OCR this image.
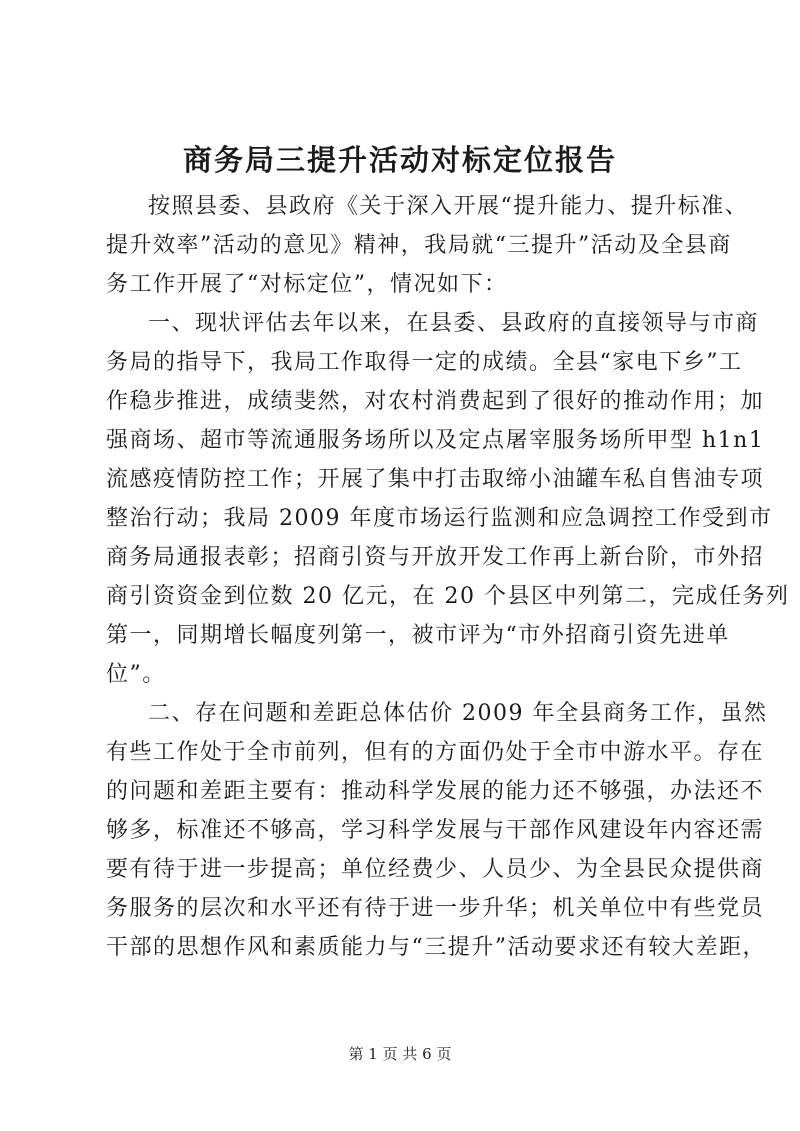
商务局三提升活动对标定位报告
按照县委、县政府《关于深入开展“提升能力、提升标准、
提升效率”活动的意见》精神，我局就“三提升”活动及全县商
务工作开展了“对标定位”，情况如下：
一、现状评估去年以来，在县委、县政府的直接领导与市商
务局的指导下，我局工作取得一定的成绩。全县“家电下乡”工
作稳步推进，成绩斐然，对农村消费起到了很好的推动作用；加
强商场、超市等流通服务场所以及定点屠宰服务场所甲型 h1n1
流感疫情防控工作；开展了集中打击取缔小油罐车私自售油专项
整治行动；我局 2009 年度市场运行监测和应急调控工作受到市
商务局通报表彰；招商引资与开放开发工作再上新台阶，市外招
商引资资金到位数 20 亿元，在 20 个县区中列第二，完成任务列
第一，同期增长幅度列第一，被市评为“市外招商引资先进单
位”。
二、存在问题和差距总体估价 2009 年全县商务工作，虽然
有些工作处于全市前列，但有的方面仍处于全市中游水平。存在
的问题和差距主要有：推动科学发展的能力还不够强，办法还不
够多，标准还不够高，学习科学发展与干部作风建设年内容还需
要有待于进一步提高；单位经费少、人员少、为全县民众提供商
务服务的层次和水平还有待于进一步升华；机关单位中有些党员
干部的思想作风和素质能力与“三提升”活动要求还有较大差距，
第 1 页 共 6 页
